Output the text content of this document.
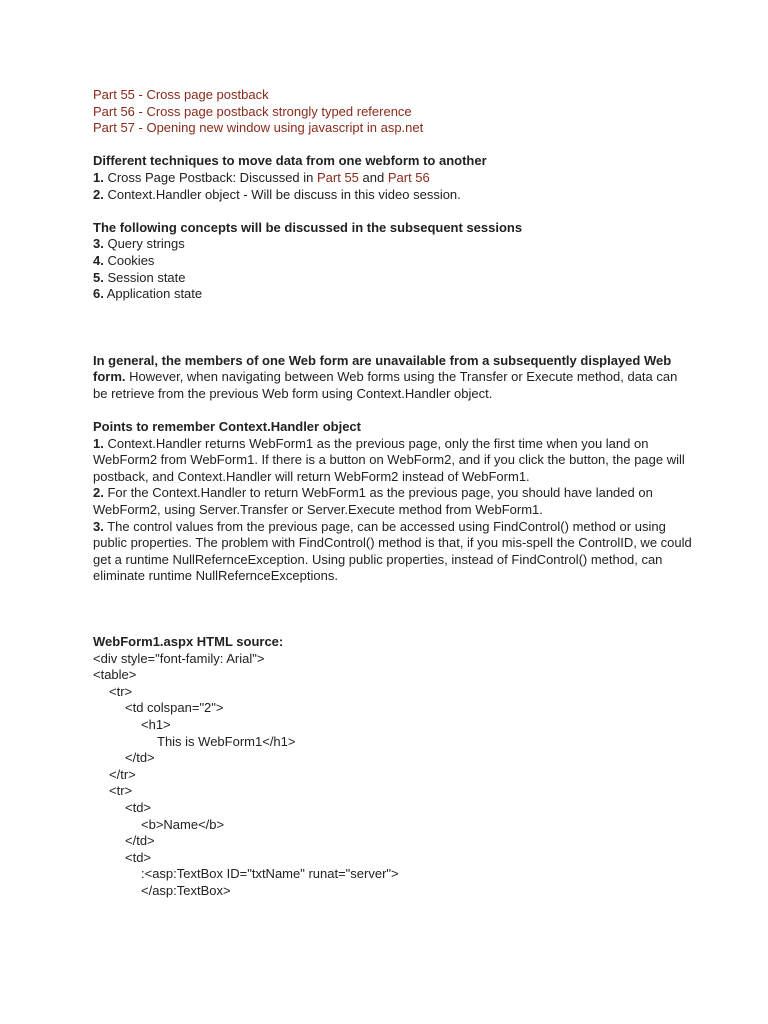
Part 55 - Cross page postback
Part 56 - Cross page postback strongly typed reference
Part 57 - Opening new window using javascript in asp.net
Different techniques to move data from one webform to another
1. Cross Page Postback: Discussed in Part 55 and Part 56
2. Context.Handler object - Will be discuss in this video session.
The following concepts will be discussed in the subsequent sessions
3. Query strings
4. Cookies
5. Session state
6. Application state
In general, the members of one Web form are unavailable from a subsequently displayed Web form. However, when navigating between Web forms using the Transfer or Execute method, data can be retrieve from the previous Web form using Context.Handler object.
Points to remember Context.Handler object
1. Context.Handler returns WebForm1 as the previous page, only the first time when you land on WebForm2 from WebForm1. If there is a button on WebForm2, and if you click the button, the page will postback, and Context.Handler will return WebForm2 instead of WebForm1.
2. For the Context.Handler to return WebForm1 as the previous page, you should have landed on WebForm2, using Server.Transfer or Server.Execute method from WebForm1.
3. The control values from the previous page, can be accessed using FindControl() method or using public properties. The problem with FindControl() method is that, if you mis-spell the ControlID, we could get a runtime NullRefernceException. Using public properties, instead of FindControl() method, can eliminate runtime NullRefernceExceptions.
WebForm1.aspx HTML source:
<div style="font-family: Arial">
<table>
<tr>
<td colspan="2">
<h1>
This is WebForm1</h1>
</td>
</tr>
<tr>
<td>
<b>Name</b>
</td>
<td>
:<asp:TextBox ID="txtName" runat="server">
</asp:TextBox>
